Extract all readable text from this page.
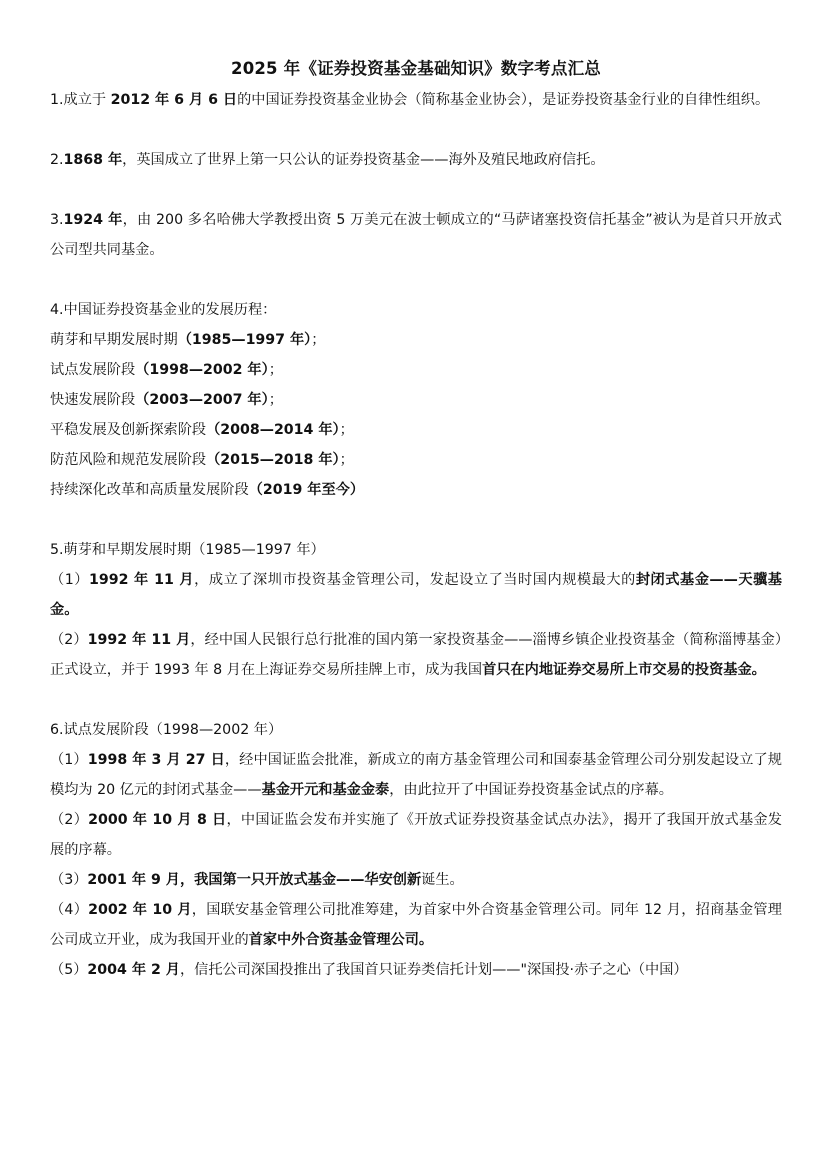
2025 年《证券投资基金基础知识》数字考点汇总

1.成立于 2012 年 6 月 6 日的中国证券投资基金业协会（简称基金业协会），是证券投资基金行业的自律性组织。

2.1868 年，英国成立了世界上第一只公认的证券投资基金——海外及殖民地政府信托。

3.1924 年，由 200 多名哈佛大学教授出资 5 万美元在波士顿成立的“马萨诸塞投资信托基金”被认为是首只开放式公司型共同基金。

4.中国证券投资基金业的发展历程：

萌芽和早期发展时期（1985—1997 年）；

试点发展阶段（1998—2002 年）；

快速发展阶段（2003—2007 年）；

平稳发展及创新探索阶段（2008—2014 年）；

防范风险和规范发展阶段（2015—2018 年）；

持续深化改革和高质量发展阶段（2019 年至今）

5.萌芽和早期发展时期（1985—1997 年）

（1）1992 年 11 月，成立了深圳市投资基金管理公司，发起设立了当时国内规模最大的封闭式基金——天骥基金。

（2）1992 年 11 月，经中国人民银行总行批准的国内第一家投资基金——淄博乡镇企业投资基金（简称淄博基金）正式设立，并于 1993 年 8 月在上海证券交易所挂牌上市，成为我国首只在内地证券交易所上市交易的投资基金。

6.试点发展阶段（1998—2002 年）

（1）1998 年 3 月 27 日，经中国证监会批准，新成立的南方基金管理公司和国泰基金管理公司分别发起设立了规模均为 20 亿元的封闭式基金——基金开元和基金金泰，由此拉开了中国证券投资基金试点的序幕。

（2）2000 年 10 月 8 日，中国证监会发布并实施了《开放式证券投资基金试点办法》，揭开了我国开放式基金发展的序幕。

（3）2001 年 9 月，我国第一只开放式基金——华安创新诞生。

（4）2002 年 10 月，国联安基金管理公司批准筹建，为首家中外合资基金管理公司。同年 12 月，招商基金管理公司成立开业，成为我国开业的首家中外合资基金管理公司。

（5）2004 年 2 月，信托公司深国投推出了我国首只证券类信托计划——"深国投·赤子之心（中国）
